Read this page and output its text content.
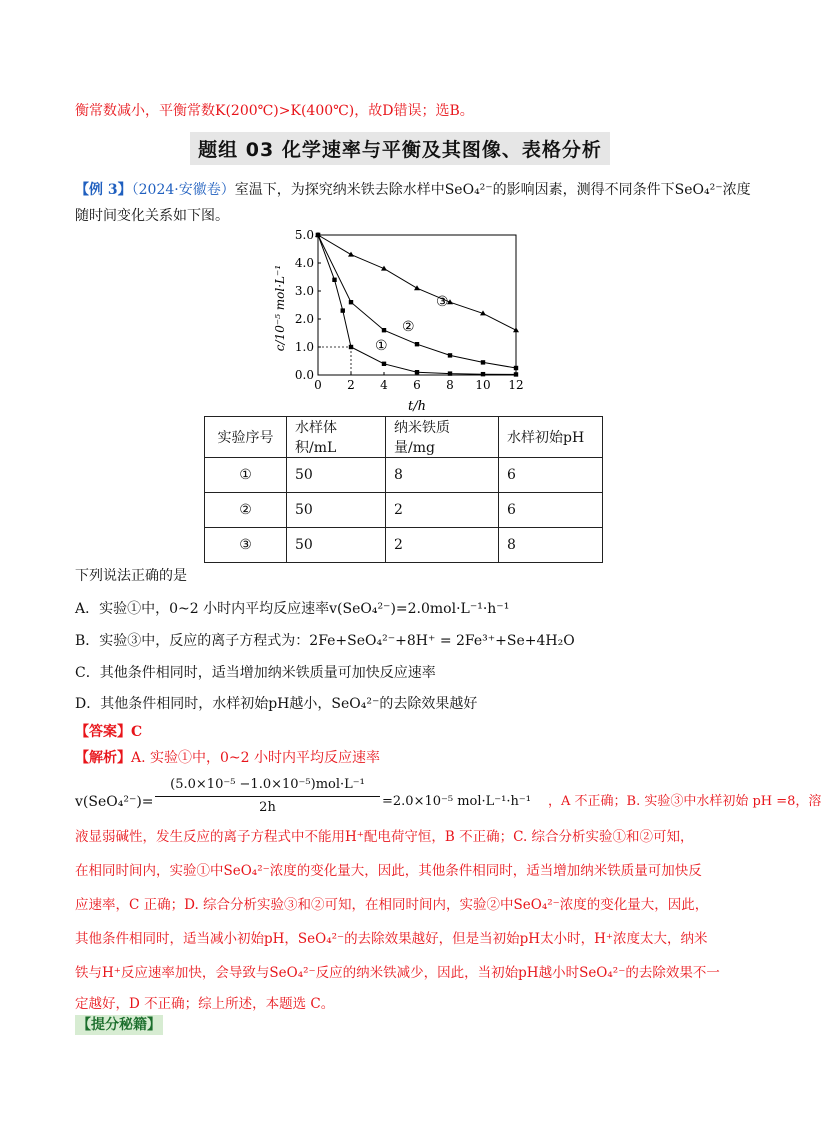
衡常数减小，平衡常数K(200℃)>K(400℃)，故D错误；选B。
题组 03 化学速率与平衡及其图像、表格分析
【例 3】（2024·安徽卷）室温下，为探究纳米铁去除水样中SeO₄²⁻的影响因素，测得不同条件下SeO₄²⁻浓度
随时间变化关系如下图。
0 2 4 6 8 10 12
0.0
1.0
2.0
3.0
4.0
5.0
c/10⁻⁵ mol·L⁻¹
t/h
①
②
③
实验序号	水样体积/mL	纳米铁质量/mg	水样初始pH
①	50	8	6
②	50	2	6
③	50	2	8
下列说法正确的是
A．实验①中，0~2 小时内平均反应速率v(SeO₄²⁻)=2.0mol·L⁻¹·h⁻¹
B．实验③中，反应的离子方程式为：2Fe+SeO₄²⁻+8H⁺ = 2Fe³⁺+Se+4H₂O
C．其他条件相同时，适当增加纳米铁质量可加快反应速率
D．其他条件相同时，水样初始pH越小，SeO₄²⁻的去除效果越好
【答案】C
【解析】A. 实验①中，0~2 小时内平均反应速率
v(SeO₄²⁻)=
(5.0×10⁻⁵ −1.0×10⁻⁵)mol·L⁻¹
2h	=2.0×10⁻⁵ mol·L⁻¹·h⁻¹ ，A 不正确；B. 实验③中水样初始 pH =8，溶
液显弱碱性，发生反应的离子方程式中不能用H⁺配电荷守恒，B 不正确；C. 综合分析实验①和②可知，
在相同时间内，实验①中SeO₄²⁻浓度的变化量大，因此，其他条件相同时，适当增加纳米铁质量可加快反
应速率，C 正确；D. 综合分析实验③和②可知，在相同时间内，实验②中SeO₄²⁻浓度的变化量大，因此，
其他条件相同时，适当减小初始pH，SeO₄²⁻的去除效果越好，但是当初始pH太小时，H⁺浓度太大，纳米
铁与H⁺反应速率加快，会导致与SeO₄²⁻反应的纳米铁减少，因此，当初始pH越小时SeO₄²⁻的去除效果不一
定越好，D 不正确；综上所述，本题选 C。
【提分秘籍】
